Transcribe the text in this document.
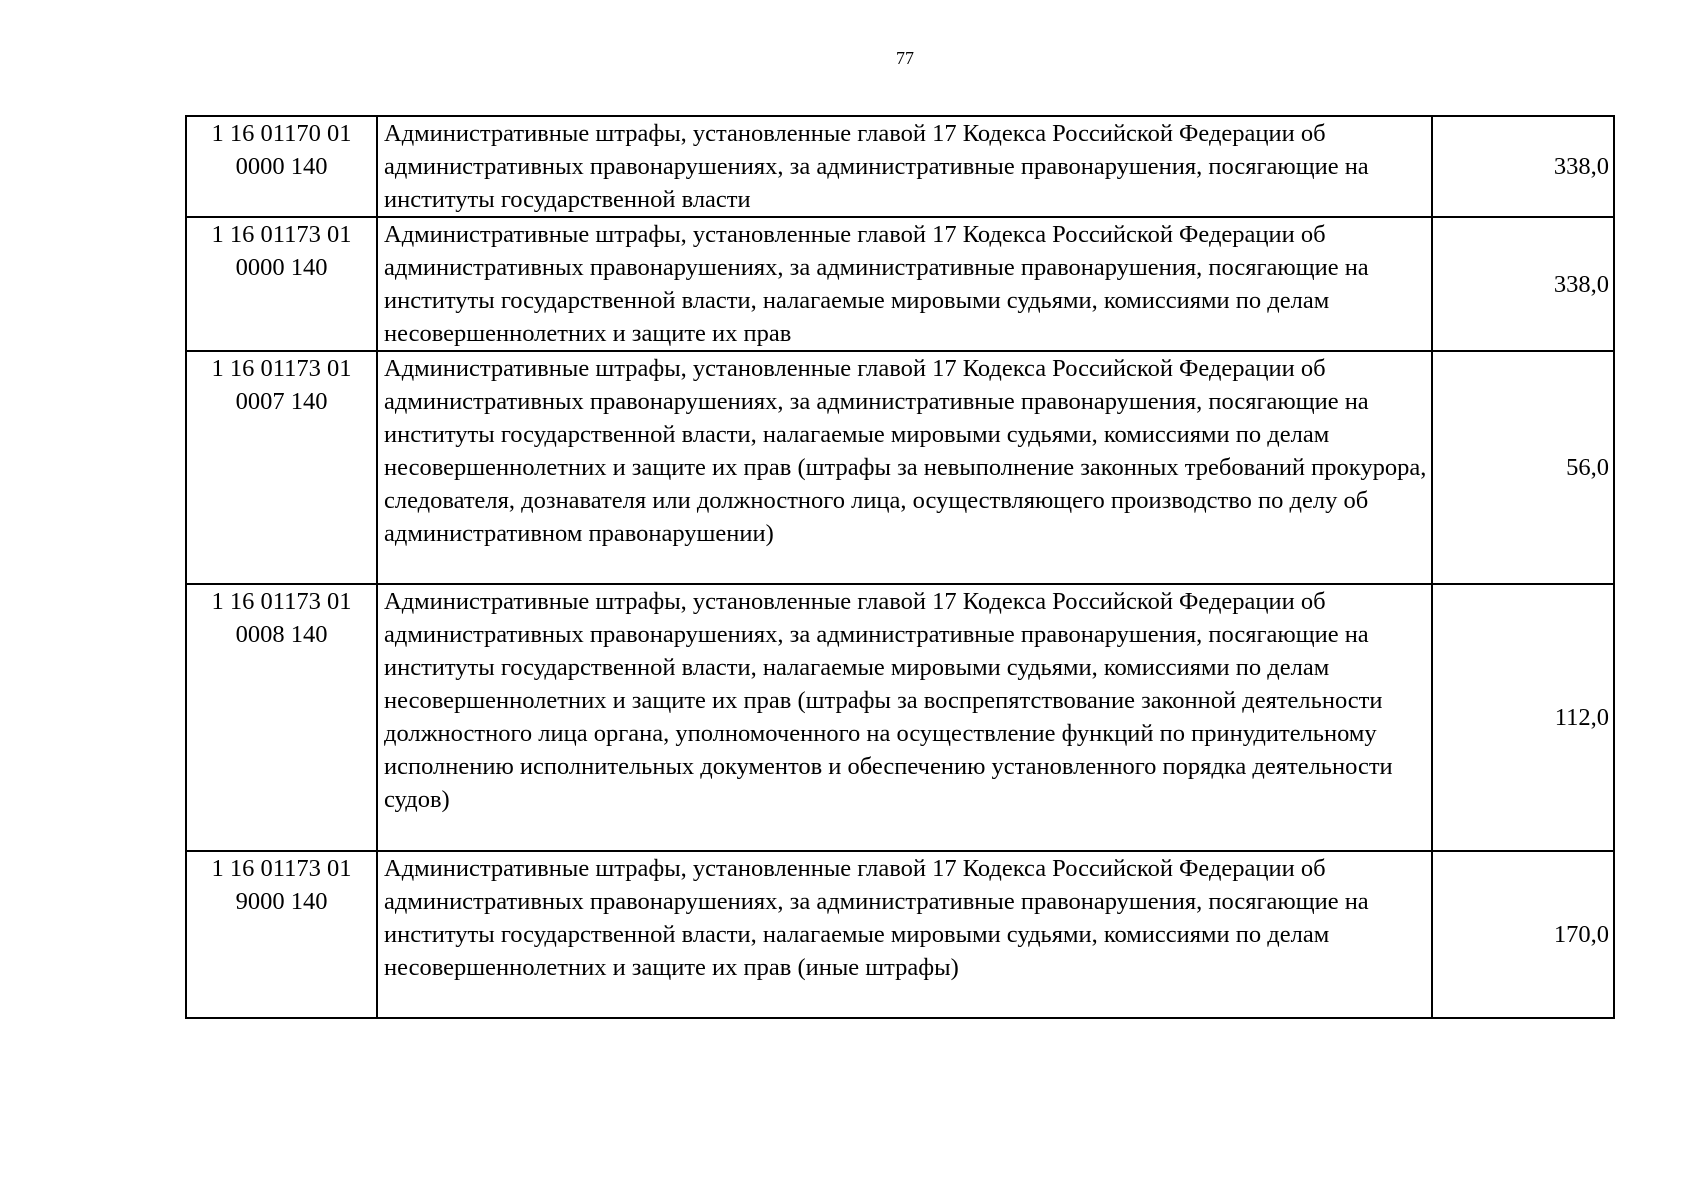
77
1 16 01170 01 0000 140	Административные штрафы, установленные главой 17 Кодекса Российской Федерации об административных правонарушениях, за административные правонарушения, посягающие на институты государственной власти	338,0

1 16 01173 01 0000 140	Административные штрафы, установленные главой 17 Кодекса Российской Федерации об административных правонарушениях, за административные правонарушения, посягающие на институты государственной власти, налагаемые мировыми судьями, комиссиями по делам несовершеннолетних и защите их прав	338,0

1 16 01173 01 0007 140	Административные штрафы, установленные главой 17 Кодекса Российской Федерации об административных правонарушениях, за административные правонарушения, посягающие на институты государственной власти, налагаемые мировыми судьями, комиссиями по делам несовершеннолетних и защите их прав (штрафы за невыполнение законных требований прокурора, следователя, дознавателя или должностного лица, осуществляющего производство по делу об административном правонарушении)	56,0

1 16 01173 01 0008 140	Административные штрафы, установленные главой 17 Кодекса Российской Федерации об административных правонарушениях, за административные правонарушения, посягающие на институты государственной власти, налагаемые мировыми судьями, комиссиями по делам несовершеннолетних и защите их прав (штрафы за воспрепятствование законной деятельности должностного лица органа, уполномоченного на осуществление функций по принудительному исполнению исполнительных документов и обеспечению установленного порядка деятельности судов)	112,0

1 16 01173 01 9000 140	Административные штрафы, установленные главой 17 Кодекса Российской Федерации об административных правонарушениях, за административные правонарушения, посягающие на институты государственной власти, налагаемые мировыми судьями, комиссиями по делам несовершеннолетних и защите их прав (иные штрафы)	170,0
